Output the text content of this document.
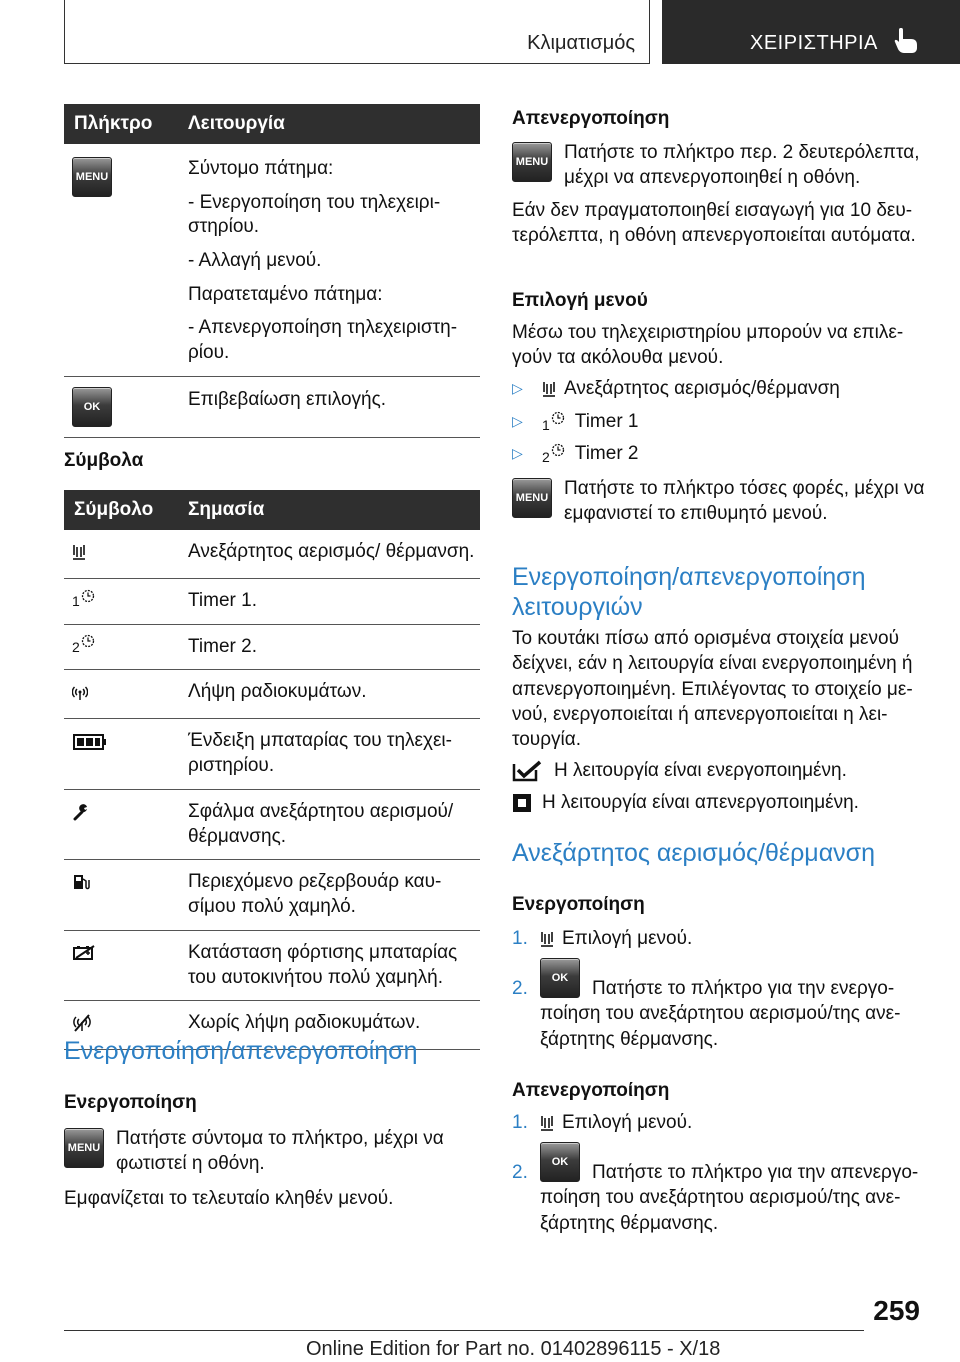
Κλιματισμός	ΧΕΙΡΙΣΤΗΡΙΑ
Πλήκτρο	Λειτουργία
MENU	Σύντομο πάτημα:

- Ενεργοποίηση του τηλεχειρι-στηρίου.

- Αλλαγή μενού.

Παρατεταμένο πάτημα:

- Απενεργοποίηση τηλεχειριστη-ρίου.

OK	Επιβεβαίωση επιλογής.
Σύμβολα
Σύμβολο	Σημασία
Ανεξάρτητος αερισμός/ θέρμανση.
1	Timer 1.
2	Timer 2.
Λήψη ραδιοκυμάτων.
Ένδειξη μπαταρίας του τηλεχει-ριστηρίου.
Σφάλμα ανεξάρτητου αερισμού/ θέρμανσης.
Περιεχόμενο ρεζερβουάρ καυ-σίμου πολύ χαμηλό.
Κατάσταση φόρτισης μπαταρίας του αυτοκινήτου πολύ χαμηλή.
Χωρίς λήψη ραδιοκυμάτων.
Ενεργοποίηση/απενεργοποίηση
Ενεργοποίηση
MENU Πατήστε σύντομα το πλήκτρο, μέχρι να φωτιστεί η οθόνη.
Εμφανίζεται το τελευταίο κληθέν μενού.
Απενεργοποίηση
MENU Πατήστε το πλήκτρο περ. 2 δευτερόλεπτα, μέχρι να απενεργοποιηθεί η οθόνη.
Εάν δεν πραγματοποιηθεί εισαγωγή για 10 δευ-τερόλεπτα, η οθόνη απενεργοποιείται αυτόματα.
Επιλογή μενού
Μέσω του τηλεχειριστηρίου μπορούν να επιλε-γούν τα ακόλουθα μενού.
▷	Ανεξάρτητος αερισμός/θέρμανση
▷	1 Timer 1
▷	2 Timer 2
MENU Πατήστε το πλήκτρο τόσες φορές, μέχρι να εμφανιστεί το επιθυμητό μενού.
Ενεργοποίηση/απενεργοποίηση λειτουργιών
Το κουτάκι πίσω από ορισμένα στοιχεία μενού δείχνει, εάν η λειτουργία είναι ενεργοποιημένη ή απενεργοποιημένη. Επιλέγοντας το στοιχείο με-νού, ενεργοποιείται ή απενεργοποιείται η λει-τουργία.
Η λειτουργία είναι ενεργοποιημένη.
Η λειτουργία είναι απενεργοποιημένη.
Ανεξάρτητος αερισμός/θέρμανση
Ενεργοποίηση
1.	Επιλογή μενού.
2.	OK	Πατήστε το πλήκτρο για την ενεργο-ποίηση του ανεξάρτητου αερισμού/της ανε-ξάρτητης θέρμανσης.
Απενεργοποίηση
1.	Επιλογή μενού.
2.	OK	Πατήστε το πλήκτρο για την απενεργο-ποίηση του ανεξάρτητου αερισμού/της ανε-ξάρτητης θέρμανσης.
259
Online Edition for Part no. 01402896115 - X/18
